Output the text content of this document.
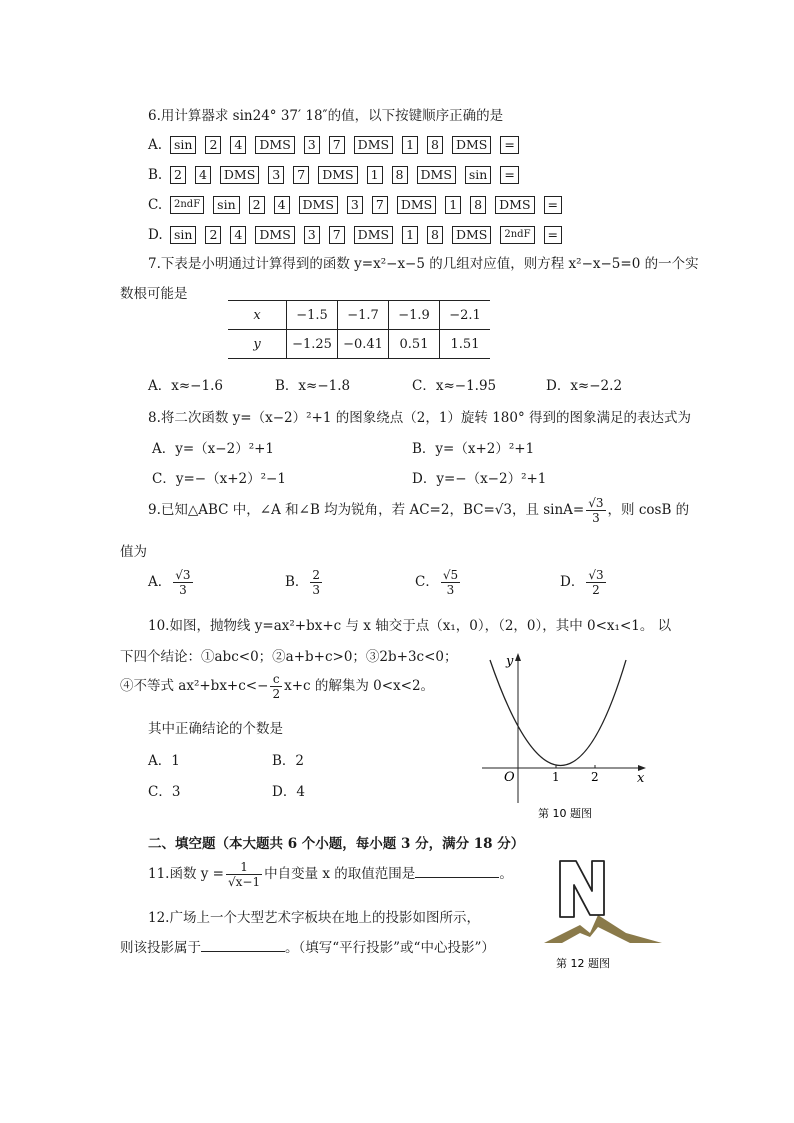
6.用计算器求 sin24° 37′ 18″的值，以下按键顺序正确的是
A. sin 2 4 DMS 3 7 DMS 1 8 DMS =
B. 2 4 DMS 3 7 DMS 1 8 DMS sin =
C. 2ndF sin 2 4 DMS 3 7 DMS 1 8 DMS =
D. sin 2 4 DMS 3 7 DMS 1 8 DMS 2ndF =
7.下表是小明通过计算得到的函数 y=x²−x−5 的几组对应值，则方程 x²−x−5=0 的一个实
数根可能是
x	−1.5	−1.7	−1.9	−2.1
y	−1.25	−0.41	0.51	1.51
A．x≈−1.6	B．x≈−1.8	C．x≈−1.95	D．x≈−2.2
8.将二次函数 y=（x−2）²+1 的图象绕点（2，1）旋转 180° 得到的图象满足的表达式为
A．y=（x−2）²+1	B．y=（x+2）²+1
C．y=−（x+2）²−1	D．y=−（x−2）²+1
9.已知△ABC 中，∠A 和∠B 均为锐角，若 AC=2，BC=√3，且 $\sin A= \frac{√3}{3}$ ，则 cosB 的
值为
A． $\frac{√3}{3}$	B． $\frac{2}{3}$	C． $\frac{√5}{3}$	D． $\frac{√3}{2}$
10.如图，抛物线 y=ax²+bx+c 与 x 轴交于点（x₁，0），（2，0），其中 0<x₁<1。 以
下四个结论：①abc<0；②a+b+c>0；③2b+3c<0；
④不等式 $ax^2+bx+c<- \frac{c}{2} x+c$ 的解集为 0<x<2。
其中正确结论的个数是
A．1	B．2
C．3	D．4
y
x
O	1	2
第 10 题图
二、填空题（本大题共 6 个小题，每小题 3 分，满分 18 分）
11.函数 $y = \frac{1}{√x-1}$ 中自变量 x 的取值范围是	。
12.广场上一个大型艺术字板块在地上的投影如图所示，
则该投影属于	。（填写“平行投影”或“中心投影”）
第 12 题图
